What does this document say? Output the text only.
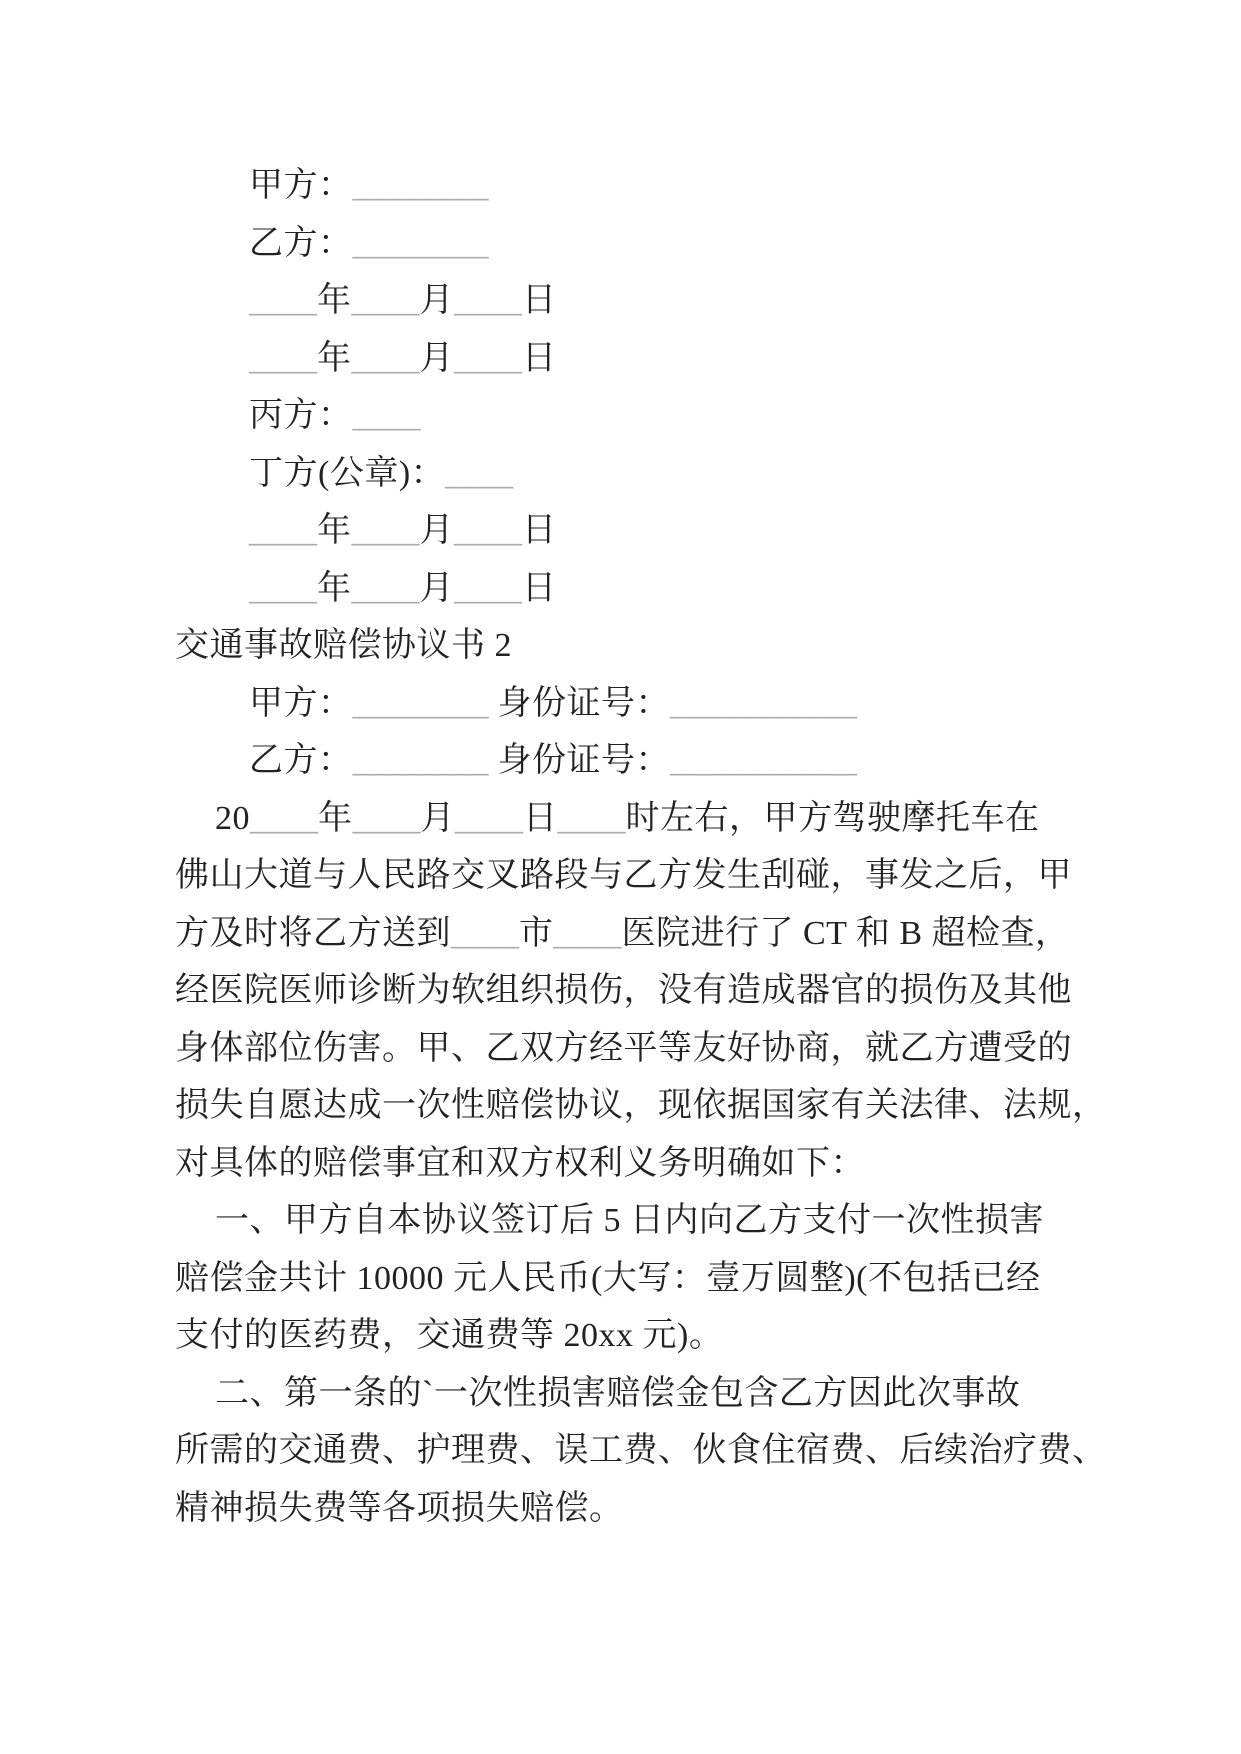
甲方：________
乙方：________
____年____月____日
____年____月____日
丙方：____
丁方(公章)：____
____年____月____日
____年____月____日
交通事故赔偿协议书 2
甲方：________ 身份证号：___________
乙方：________ 身份证号：___________
20____年____月____日____时左右，甲方驾驶摩托车在
佛山大道与人民路交叉路段与乙方发生刮碰，事发之后，甲
方及时将乙方送到____市____医院进行了 CT 和 B 超检查，
经医院医师诊断为软组织损伤，没有造成器官的损伤及其他
身体部位伤害。甲、乙双方经平等友好协商，就乙方遭受的
损失自愿达成一次性赔偿协议，现依据国家有关法律、法规，
对具体的赔偿事宜和双方权利义务明确如下：
一、甲方自本协议签订后 5 日内向乙方支付一次性损害
赔偿金共计 10000 元人民币(大写：壹万圆整)(不包括已经
支付的医药费，交通费等 20xx 元)。
二、第一条的`一次性损害赔偿金包含乙方因此次事故
所需的交通费、护理费、误工费、伙食住宿费、后续治疗费、
精神损失费等各项损失赔偿。
